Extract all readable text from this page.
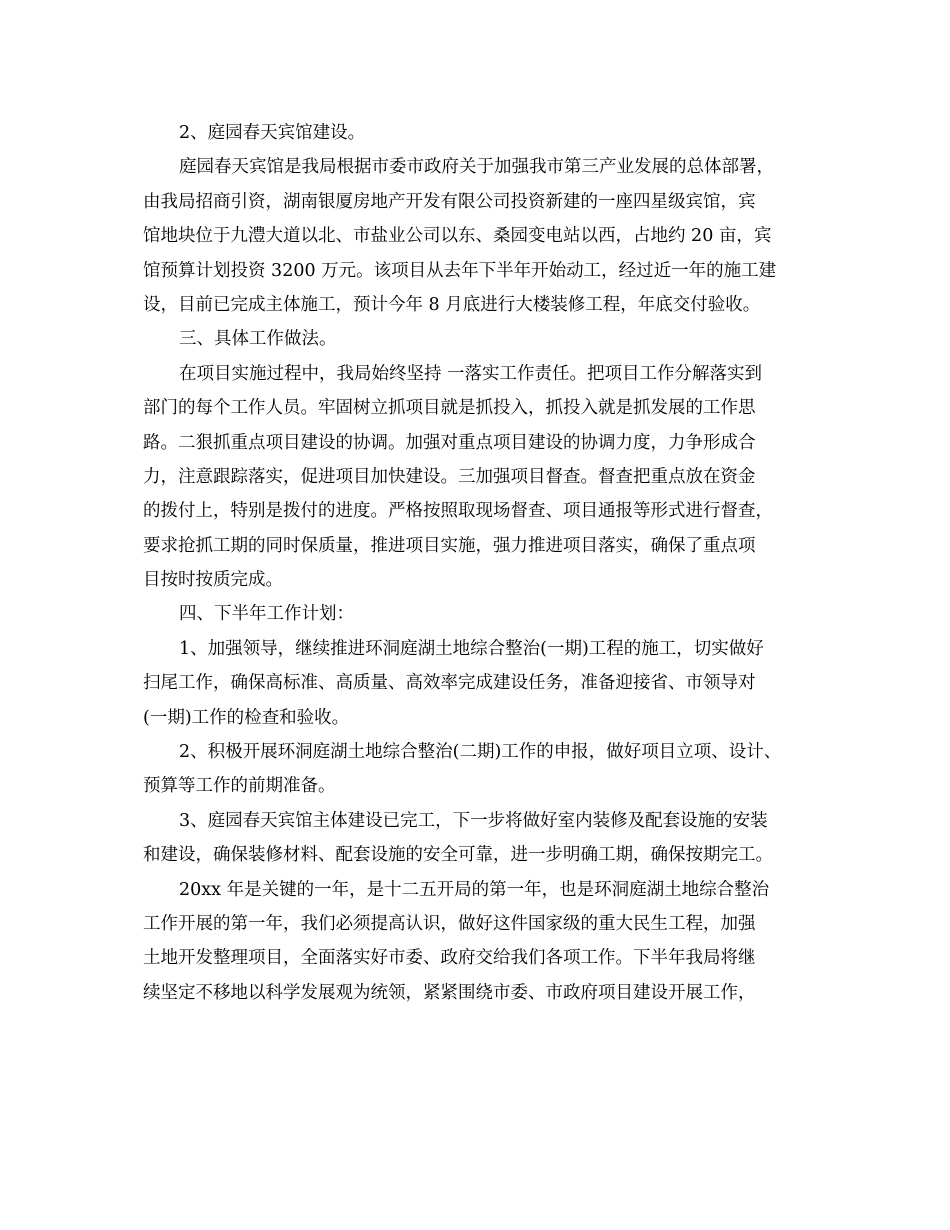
2、庭园春天宾馆建设。
庭园春天宾馆是我局根据市委市政府关于加强我市第三产业发展的总体部署，
由我局招商引资，湖南银厦房地产开发有限公司投资新建的一座四星级宾馆，宾
馆地块位于九澧大道以北、市盐业公司以东、桑园变电站以西，占地约 20 亩，宾
馆预算计划投资 3200 万元。该项目从去年下半年开始动工，经过近一年的施工建
设，目前已完成主体施工，预计今年 8 月底进行大楼装修工程，年底交付验收。
三、具体工作做法。
在项目实施过程中，我局始终坚持 一落实工作责任。把项目工作分解落实到
部门的每个工作人员。牢固树立抓项目就是抓投入，抓投入就是抓发展的工作思
路。二狠抓重点项目建设的协调。加强对重点项目建设的协调力度，力争形成合
力，注意跟踪落实，促进项目加快建设。三加强项目督查。督查把重点放在资金
的拨付上，特别是拨付的进度。严格按照取现场督查、项目通报等形式进行督查，
要求抢抓工期的同时保质量，推进项目实施，强力推进项目落实，确保了重点项
目按时按质完成。
四、下半年工作计划：
1、加强领导，继续推进环洞庭湖土地综合整治(一期)工程的施工，切实做好
扫尾工作，确保高标准、高质量、高效率完成建设任务，准备迎接省、市领导对
(一期)工作的检查和验收。
2、积极开展环洞庭湖土地综合整治(二期)工作的申报，做好项目立项、设计、
预算等工作的前期准备。
3、庭园春天宾馆主体建设已完工，下一步将做好室内装修及配套设施的安装
和建设，确保装修材料、配套设施的安全可靠，进一步明确工期，确保按期完工。
20xx 年是关键的一年，是十二五开局的第一年，也是环洞庭湖土地综合整治
工作开展的第一年，我们必须提高认识，做好这件国家级的重大民生工程，加强
土地开发整理项目，全面落实好市委、政府交给我们各项工作。下半年我局将继
续坚定不移地以科学发展观为统领，紧紧围绕市委、市政府项目建设开展工作，
